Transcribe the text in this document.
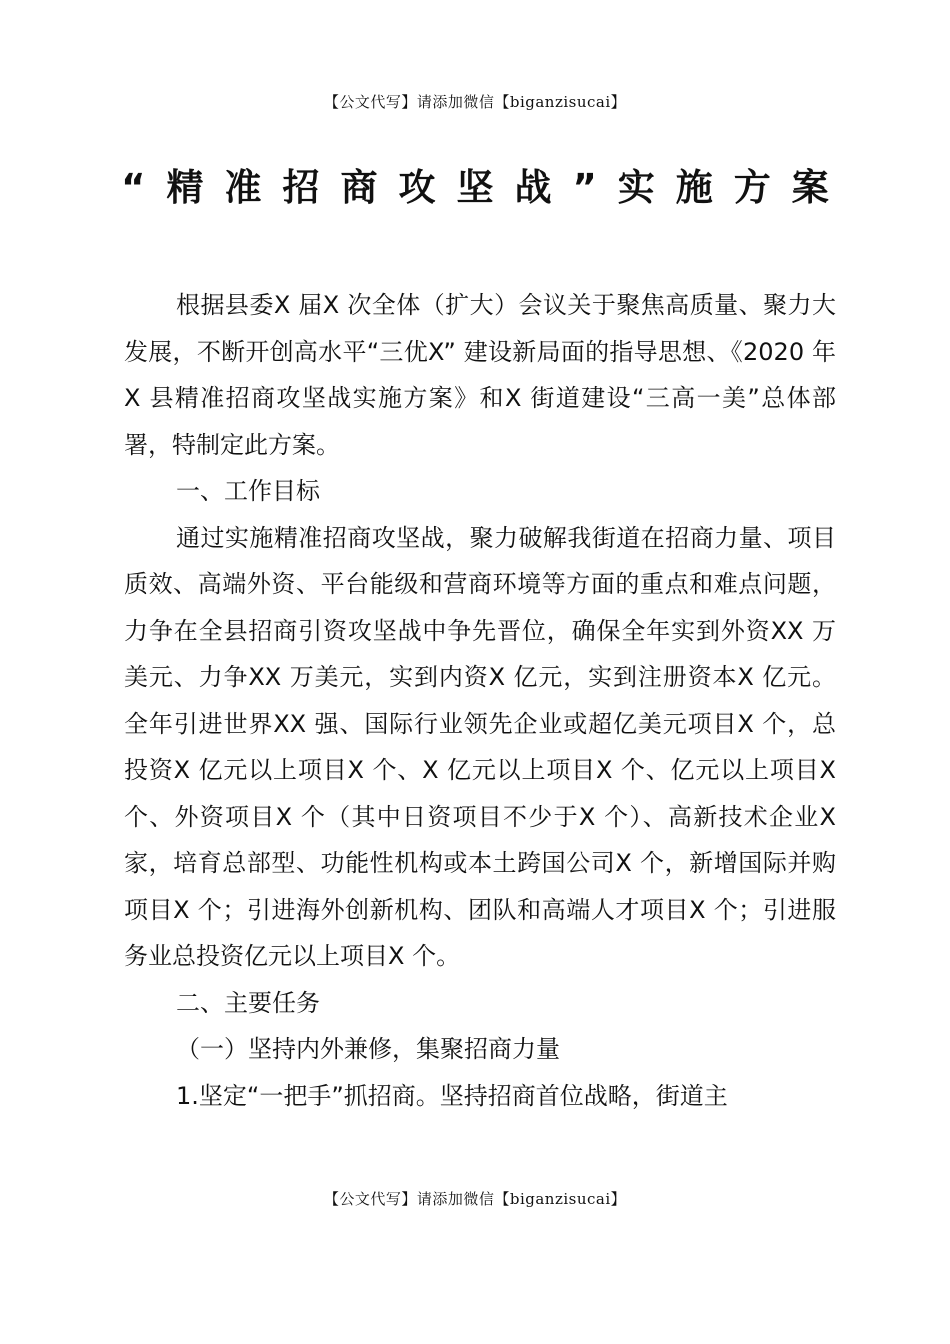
【公文代写】请添加微信【biganzisucai】
“精准招商攻坚战”实施方案

根据县委X 届X 次全体（扩大）会议关于聚焦高质量、聚力大发展，不断开创高水平“三优X” 建设新局面的指导思想、《2020 年X 县精准招商攻坚战实施方案》和X 街道建设“三高一美”总体部署，特制定此方案。

一、工作目标

通过实施精准招商攻坚战，聚力破解我街道在招商力量、项目质效、高端外资、平台能级和营商环境等方面的重点和难点问题，力争在全县招商引资攻坚战中争先晋位，确保全年实到外资XX 万美元、力争XX 万美元，实到内资X 亿元，实到注册资本X 亿元。全年引进世界XX 强、国际行业领先企业或超亿美元项目X 个，总投资X 亿元以上项目X 个、X 亿元以上项目X 个、亿元以上项目X 个、外资项目X 个（其中日资项目不少于X 个）、高新技术企业X 家，培育总部型、功能性机构或本土跨国公司X 个，新增国际并购项目X 个；引进海外创新机构、团队和高端人才项目X 个；引进服务业总投资亿元以上项目X 个。

二、主要任务

（一）坚持内外兼修，集聚招商力量

1.坚定“一把手”抓招商。坚持招商首位战略，街道主

【公文代写】请添加微信【biganzisucai】
